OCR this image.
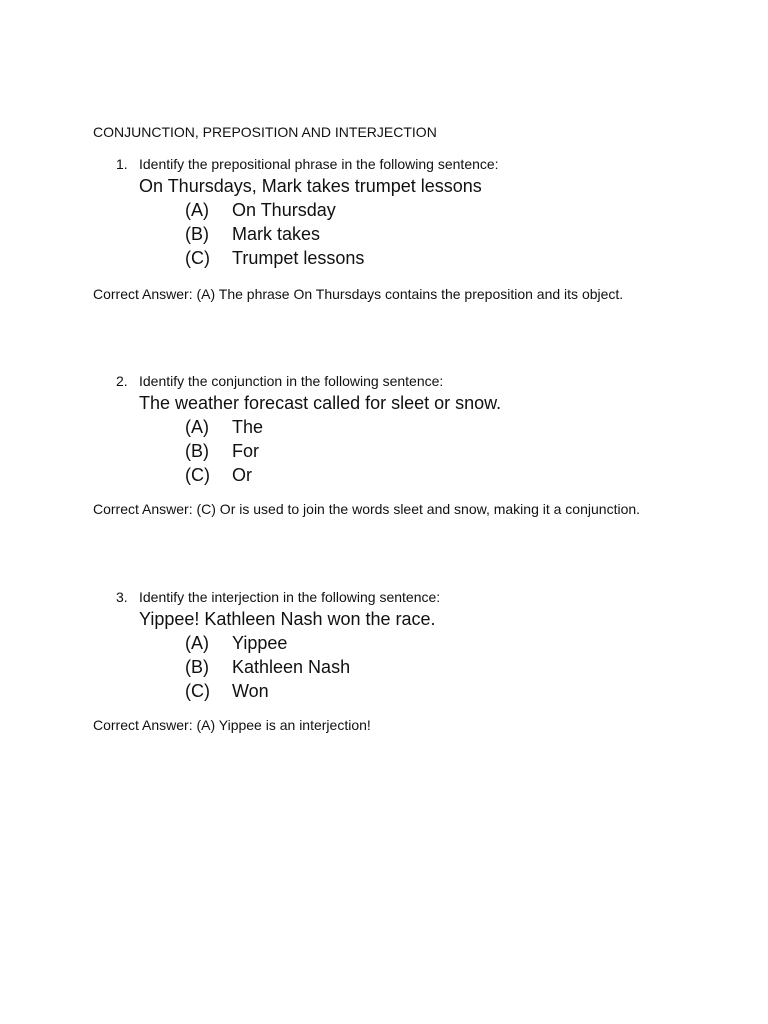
CONJUNCTION, PREPOSITION AND INTERJECTION
1. Identify the prepositional phrase in the following sentence:
On Thursdays, Mark takes trumpet lessons
(A) On Thursday
(B) Mark takes
(C) Trumpet lessons
Correct Answer: (A) The phrase On Thursdays contains the preposition and its object.
2. Identify the conjunction in the following sentence:
The weather forecast called for sleet or snow.
(A) The
(B) For
(C) Or
Correct Answer: (C) Or is used to join the words sleet and snow, making it a conjunction.
3. Identify the interjection in the following sentence:
Yippee! Kathleen Nash won the race.
(A) Yippee
(B) Kathleen Nash
(C) Won
Correct Answer: (A) Yippee is an interjection!
